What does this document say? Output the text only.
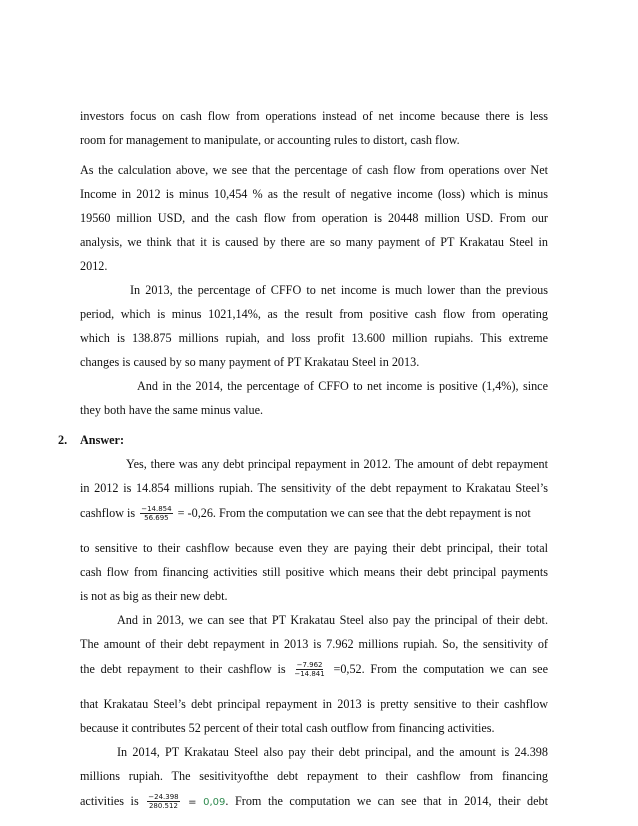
investors focus on cash flow from operations instead of net income because there is less
room for management to manipulate, or accounting rules to distort, cash flow.
As the calculation above, we see that the percentage of cash flow from operations over Net
Income in 2012 is minus 10,454 % as the result of negative income (loss) which is minus
19560 million USD, and the cash flow from operation is 20448 million USD. From our
analysis, we think that it is caused by there are so many payment of PT Krakatau Steel in
2012.
In 2013, the percentage of CFFO to net income is much lower than the previous
period, which is minus 1021,14%, as the result from positive cash flow from operating
which is 138.875 millions rupiah, and loss profit 13.600 million rupiahs. This extreme
changes is caused by so many payment of PT Krakatau Steel in 2013.
And in the 2014, the percentage of CFFO to net income is positive (1,4%), since
they both have the same minus value.
2. Answer:
Yes, there was any debt principal repayment in 2012. The amount of debt repayment
in 2012 is 14.854 millions rupiah. The sensitivity of the debt repayment to Krakatau Steel’s
cashflow is $\frac{-14.854}{56.695} = -0,26$. From the computation we can see that the debt repayment is not
to sensitive to their cashflow because even they are paying their debt principal, their total
cash flow from financing activities still positive which means their debt principal payments
is not as big as their new debt.
And in 2013, we can see that PT Krakatau Steel also pay the principal of their debt.
The amount of their debt repayment in 2013 is 7.962 millions rupiah. So, the sensitivity of
the debt repayment to their cashflow is $\frac{-7.962}{-14.841} =0,52$. From the computation we can see
that Krakatau Steel’s debt principal repayment in 2013 is pretty sensitive to their cashflow
because it contributes 52 percent of their total cash outflow from financing activities.
In 2014, PT Krakatau Steel also pay their debt principal, and the amount is 24.398
millions rupiah. The sesitivityofthe debt repayment to their cashflow from financing
activities is $\frac{-24.398}{280.512} = 0,09$. From the computation we can see that in 2014, their debt
